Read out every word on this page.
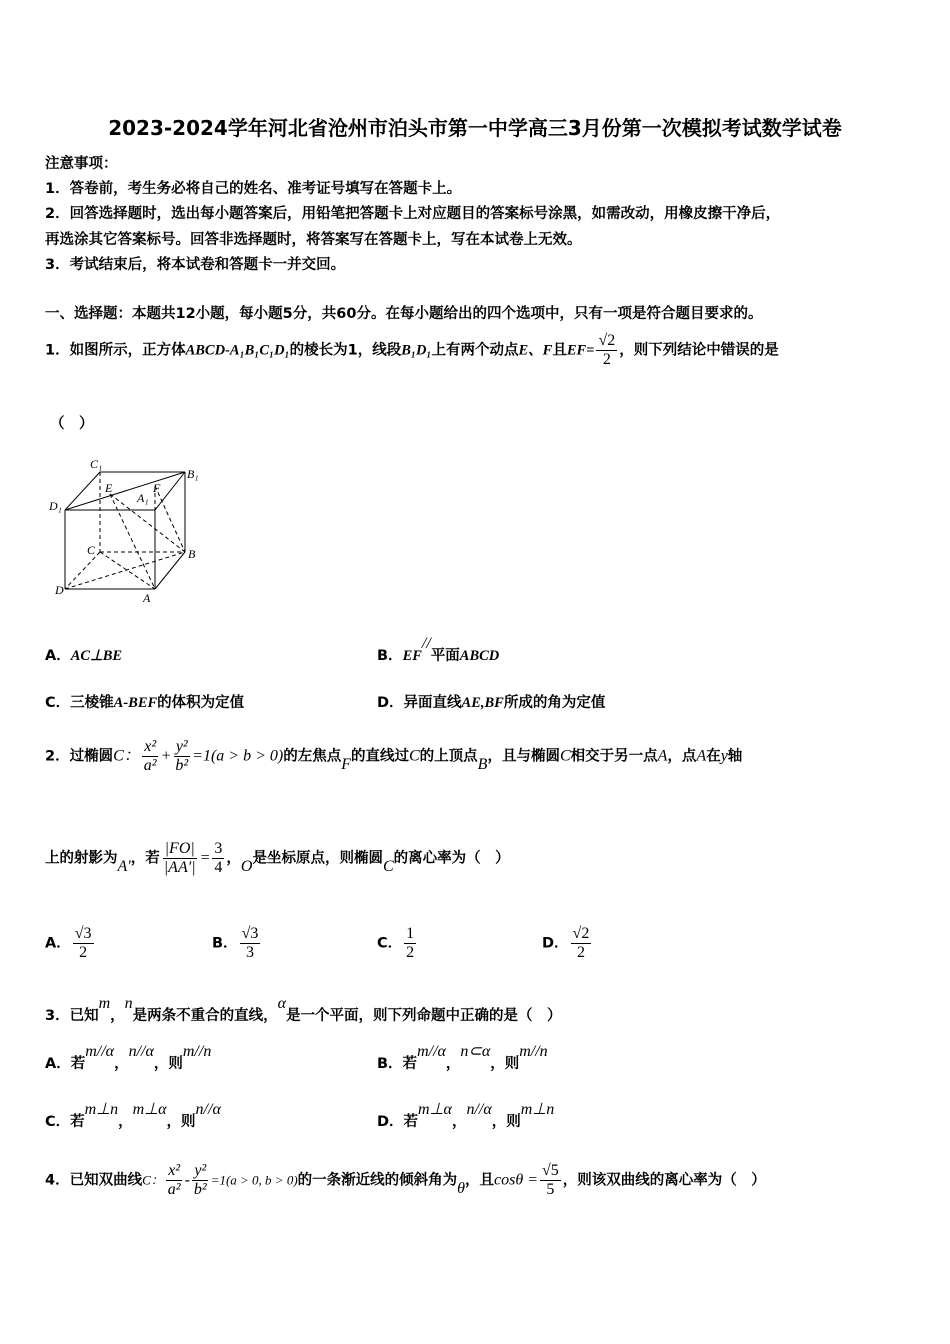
2023-2024学年河北省沧州市泊头市第一中学高三3月份第一次模拟考试数学试卷
注意事项：
1．答卷前，考生务必将自己的姓名、准考证号填写在答题卡上。
2．回答选择题时，选出每小题答案后，用铅笔把答题卡上对应题目的答案标号涂黑，如需改动，用橡皮擦干净后，
再选涂其它答案标号。回答非选择题时，将答案写在答题卡上，写在本试卷上无效。
3．考试结束后，将本试卷和答题卡一并交回。
一、选择题：本题共12小题，每小题5分，共60分。在每小题给出的四个选项中，只有一项是符合题目要求的。
1．如图所示，正方体ABCD-A₁B₁C₁D₁的棱长为1，线段B₁D₁上有两个动点E、F且$EF= \frac{√2}{2}$ ，则下列结论中错误的是
（　）
C₁
B₁
D₁
E
A₁
F
C	B
D
A
A．AC⊥BE	B．EF//平面ABCD
C．三棱锥A-BEF的体积为定值	D．异面直线AE,BF所成的角为定值
2．过椭圆C： $\frac{\text{x²}}{\text{a²}} + \frac{\text{y²}}{\text{b²}} =1(a > b > 0)$的左焦点F的直线过C的上顶点B，且与椭圆C相交于另一点A，点A在y轴
上的射影为A′，若 $\frac{|FO|}{|AA'|} = \frac{3}{4}$ ，O是坐标原点，则椭圆C的离心率为（　）
A． $\frac{√3}{2}$	B． $\frac{√3}{3}$	C． $\frac{1}{2}$	D． $\frac{√2}{2}$
3．已知m，n是两条不重合的直线，α是一个平面，则下列命题中正确的是（　）
A．若m//α，n//α，则m//n
B．若m//α，n⊂α，则m//n
C．若m⊥n，m⊥α，则n//α
D．若m⊥α，n//α，则m⊥n
4．已知双曲线C： $\frac{\text{x²}}{\text{a²}} - \frac{\text{y²}}{\text{b²}} =1(a > 0$, b > 0)的一条渐近线的倾斜角为θ，且$\cos\theta = \frac{√5}{5}$ ，则该双曲线的离心率为（　）
